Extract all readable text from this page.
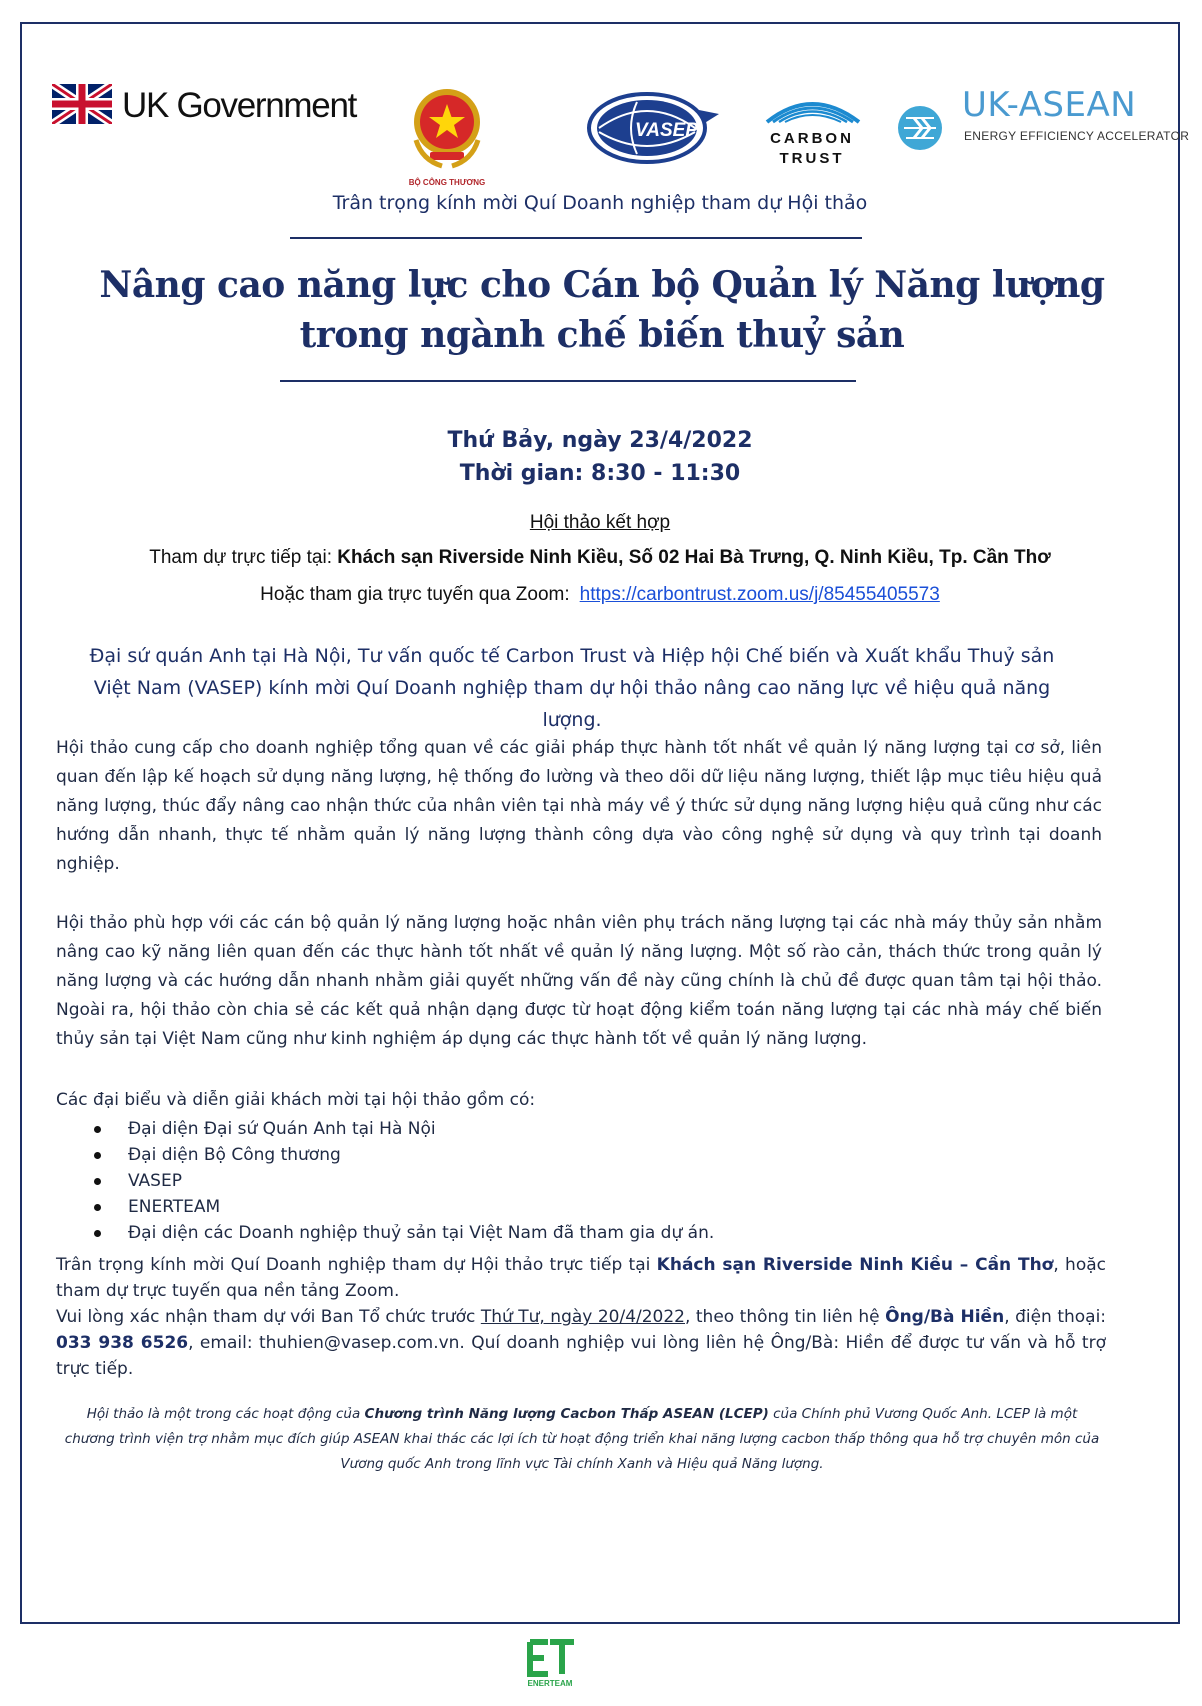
UK Government
BỘ CÔNG THƯƠNG
VASEP	CARBON
TRUST
UK-ASEAN
ENERGY EFFICIENCY ACCELERATOR
Trân trọng kính mời Quí Doanh nghiệp tham dự Hội thảo
Nâng cao năng lực cho Cán bộ Quản lý Năng lượng
trong ngành chế biến thuỷ sản
Thứ Bảy, ngày 23/4/2022
Thời gian: 8:30 - 11:30
Hội thảo kết hợp
Tham dự trực tiếp tại: Khách sạn Riverside Ninh Kiều, Số 02 Hai Bà Trưng, Q. Ninh Kiều, Tp. Cần Thơ
Hoặc tham gia trực tuyến qua Zoom: https://carbontrust.zoom.us/j/85455405573
Đại sứ quán Anh tại Hà Nội, Tư vấn quốc tế Carbon Trust và Hiệp hội Chế biến và Xuất khẩu Thuỷ sản Việt Nam (VASEP) kính mời Quí Doanh nghiệp tham dự hội thảo nâng cao năng lực về hiệu quả năng lượng.
Hội thảo cung cấp cho doanh nghiệp tổng quan về các giải pháp thực hành tốt nhất về quản lý năng lượng tại cơ sở, liên quan đến lập kế hoạch sử dụng năng lượng, hệ thống đo lường và theo dõi dữ liệu năng lượng, thiết lập mục tiêu hiệu quả năng lượng, thúc đẩy nâng cao nhận thức của nhân viên tại nhà máy về ý thức sử dụng năng lượng hiệu quả cũng như các hướng dẫn nhanh, thực tế nhằm quản lý năng lượng thành công dựa vào công nghệ sử dụng và quy trình tại doanh nghiệp.
Hội thảo phù hợp với các cán bộ quản lý năng lượng hoặc nhân viên phụ trách năng lượng tại các nhà máy thủy sản nhằm nâng cao kỹ năng liên quan đến các thực hành tốt nhất về quản lý năng lượng. Một số rào cản, thách thức trong quản lý năng lượng và các hướng dẫn nhanh nhằm giải quyết những vấn đề này cũng chính là chủ đề được quan tâm tại hội thảo. Ngoài ra, hội thảo còn chia sẻ các kết quả nhận dạng được từ hoạt động kiểm toán năng lượng tại các nhà máy chế biến thủy sản tại Việt Nam cũng như kinh nghiệm áp dụng các thực hành tốt về quản lý năng lượng.
Các đại biểu và diễn giải khách mời tại hội thảo gồm có:
Đại diện Đại sứ Quán Anh tại Hà Nội
Đại diện Bộ Công thương
VASEP
ENERTEAM
Đại diện các Doanh nghiệp thuỷ sản tại Việt Nam đã tham gia dự án.
Trân trọng kính mời Quí Doanh nghiệp tham dự Hội thảo trực tiếp tại Khách sạn Riverside Ninh Kiều – Cần Thơ, hoặc tham dự trực tuyến qua nền tảng Zoom.
Vui lòng xác nhận tham dự với Ban Tổ chức trước Thứ Tư, ngày 20/4/2022, theo thông tin liên hệ Ông/Bà Hiền, điện thoại: 033 938 6526, email: thuhien@vasep.com.vn. Quí doanh nghiệp vui lòng liên hệ Ông/Bà: Hiền để được tư vấn và hỗ trợ trực tiếp.
Hội thảo là một trong các hoạt động của Chương trình Năng lượng Cacbon Thấp ASEAN (LCEP) của Chính phủ Vương Quốc Anh. LCEP là một chương trình viện trợ nhằm mục đích giúp ASEAN khai thác các lợi ích từ hoạt động triển khai năng lượng cacbon thấp thông qua hỗ trợ chuyên môn của Vương quốc Anh trong lĩnh vực Tài chính Xanh và Hiệu quả Năng lượng.
ENERTEAM
